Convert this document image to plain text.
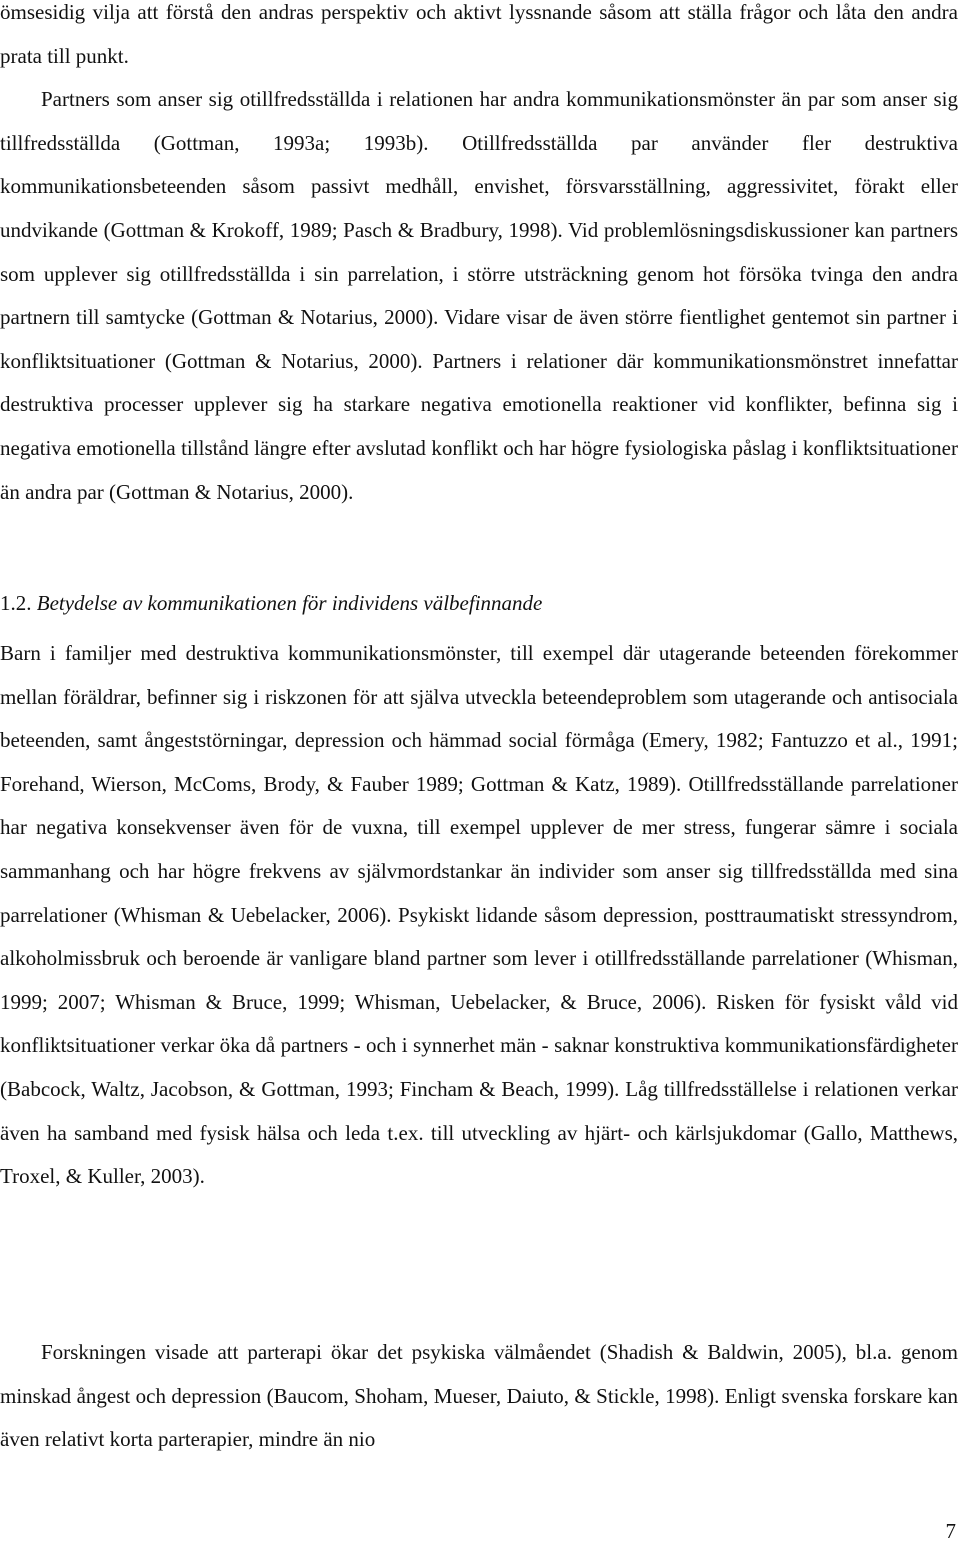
ömsesidig vilja att förstå den andras perspektiv och aktivt lyssnande såsom att ställa frågor och låta den andra prata till punkt.
Partners som anser sig otillfredsställda i relationen har andra kommunikationsmönster än par som anser sig tillfredsställda (Gottman, 1993a; 1993b). Otillfredsställda par använder fler destruktiva kommunikationsbeteenden såsom passivt medhåll, envishet, försvarsställning, aggressivitet, förakt eller undvikande (Gottman & Krokoff, 1989; Pasch & Bradbury, 1998). Vid problemlösningsdiskussioner kan partners som upplever sig otillfredsställda i sin parrelation, i större utsträckning genom hot försöka tvinga den andra partnern till samtycke (Gottman & Notarius, 2000). Vidare visar de även större fientlighet gentemot sin partner i konfliktsituationer (Gottman & Notarius, 2000). Partners i relationer där kommunikationsmönstret innefattar destruktiva processer upplever sig ha starkare negativa emotionella reaktioner vid konflikter, befinna sig i negativa emotionella tillstånd längre efter avslutad konflikt och har högre fysiologiska påslag i konfliktsituationer än andra par (Gottman & Notarius, 2000).
1.2. Betydelse av kommunikationen för individens välbefinnande
Barn i familjer med destruktiva kommunikationsmönster, till exempel där utagerande beteenden förekommer mellan föräldrar, befinner sig i riskzonen för att själva utveckla beteendeproblem som utagerande och antisociala beteenden, samt ångeststörningar, depression och hämmad social förmåga (Emery, 1982; Fantuzzo et al., 1991; Forehand, Wierson, McComs, Brody, & Fauber 1989; Gottman & Katz, 1989). Otillfredsställande parrelationer har negativa konsekvenser även för de vuxna, till exempel upplever de mer stress, fungerar sämre i sociala sammanhang och har högre frekvens av självmordstankar än individer som anser sig tillfredsställda med sina parrelationer (Whisman & Uebelacker, 2006). Psykiskt lidande såsom depression, posttraumatiskt stressyndrom, alkoholmissbruk och beroende är vanligare bland partner som lever i otillfredsställande parrelationer (Whisman, 1999; 2007; Whisman & Bruce, 1999; Whisman, Uebelacker, & Bruce, 2006). Risken för fysiskt våld vid konfliktsituationer verkar öka då partners - och i synnerhet män - saknar konstruktiva kommunikationsfärdigheter (Babcock, Waltz, Jacobson, & Gottman, 1993; Fincham & Beach, 1999). Låg tillfredsställelse i relationen verkar även ha samband med fysisk hälsa och leda t.ex. till utveckling av hjärt- och kärlsjukdomar (Gallo, Matthews, Troxel, & Kuller, 2003).
Forskningen visade att parterapi ökar det psykiska välmåendet (Shadish & Baldwin, 2005), bl.a. genom minskad ångest och depression (Baucom, Shoham, Mueser, Daiuto, & Stickle, 1998). Enligt svenska forskare kan även relativt korta parterapier, mindre än nio
7
